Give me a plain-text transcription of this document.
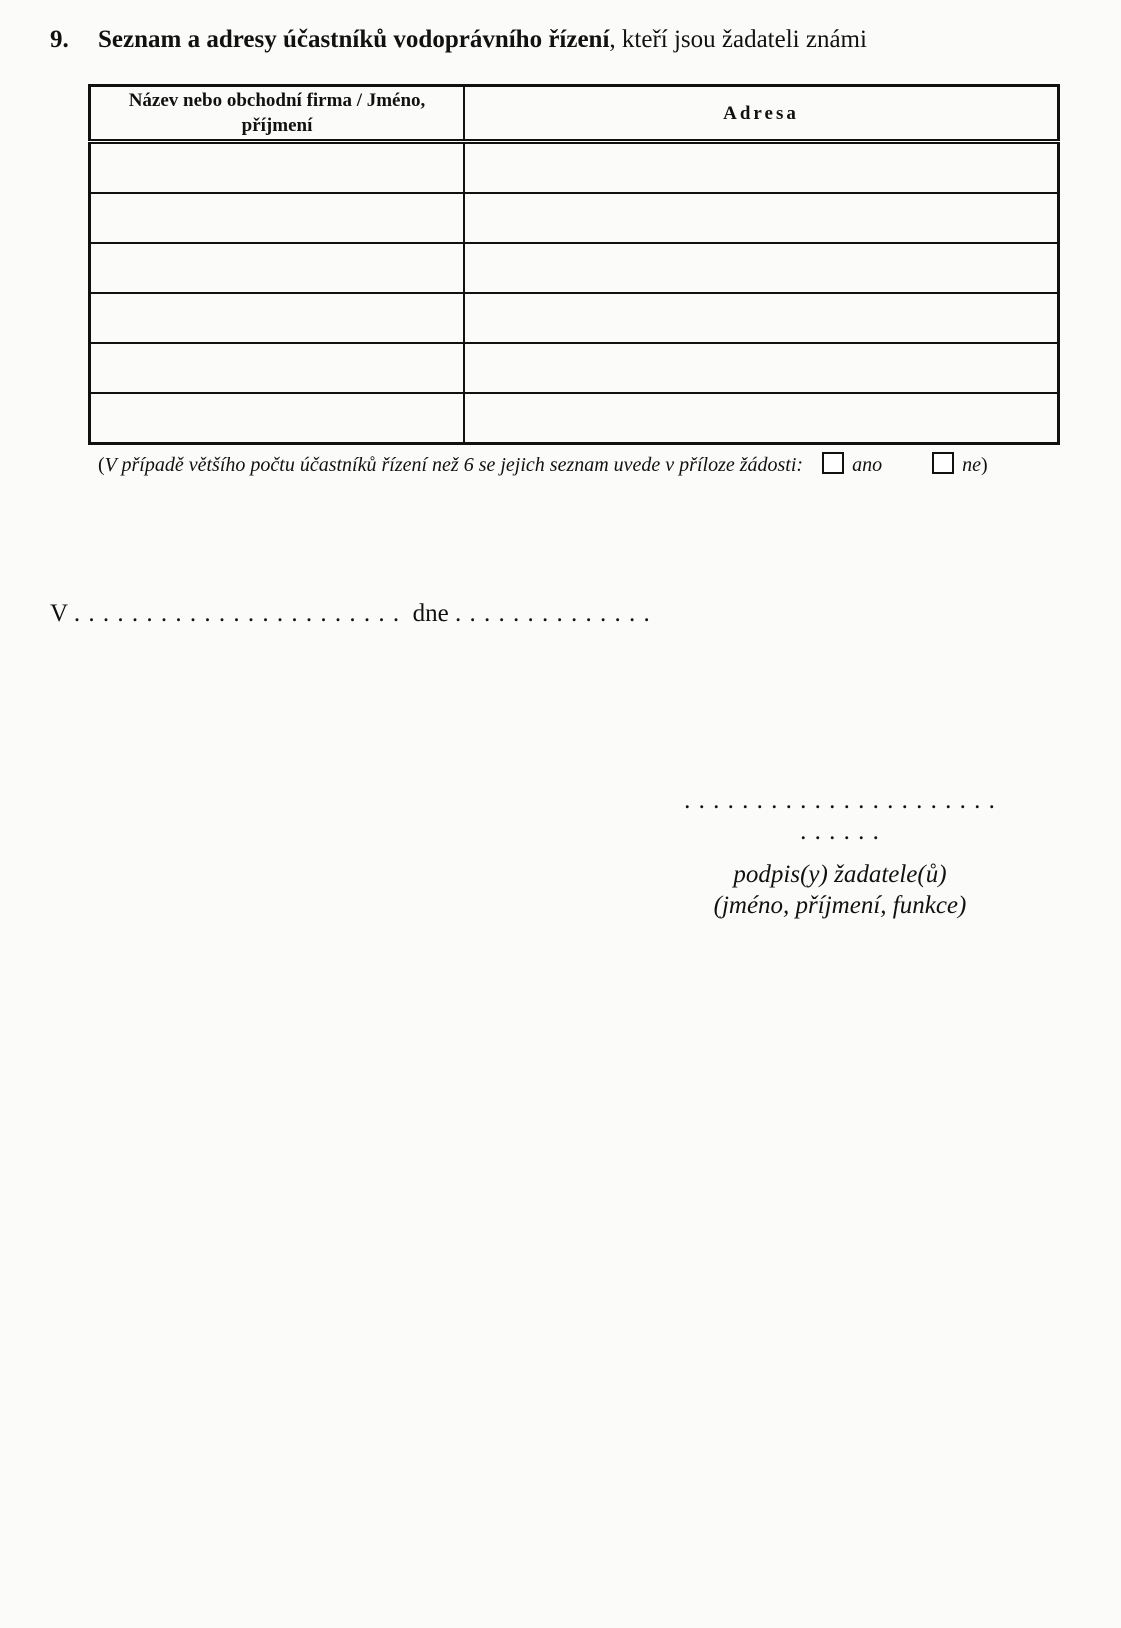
9. Seznam a adresy účastníků vodoprávního řízení, kteří jsou žadateli známi
Název nebo obchodní firma / Jméno, příjmení	Adresa

(V případě většího počtu účastníků řízení než 6 se jejich seznam uvede v příloze žádosti: ano	ne)
V . . . . . . . . . . . . . . . . . . . . . . . dne . . . . . . . . . . . . . .
. . . . . . . . . . . . . . . . . . . . . . . . . . . .
podpis(y) žadatele(ů)
(jméno, příjmení, funkce)
